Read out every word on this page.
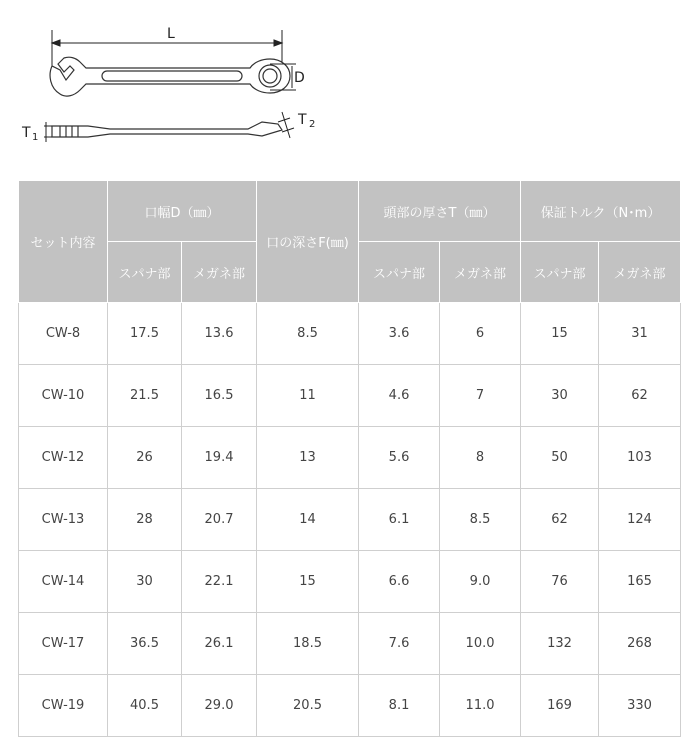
L
D
T 1
T 2
セット内容	口幅D（㎜）		口の深さF(㎜)	頭部の厚さT（㎜）		保証トルク（N･m）	
	スパナ部	メガネ部		スパナ部	メガネ部	スパナ部	メガネ部
CW-8	17.5	13.6	8.5	3.6	6	15	31
CW-10	21.5	16.5	11	4.6	7	30	62
CW-12	26	19.4	13	5.6	8	50	103
CW-13	28	20.7	14	6.1	8.5	62	124
CW-14	30	22.1	15	6.6	9.0	76	165
CW-17	36.5	26.1	18.5	7.6	10.0	132	268
CW-19	40.5	29.0	20.5	8.1	11.0	169	330
